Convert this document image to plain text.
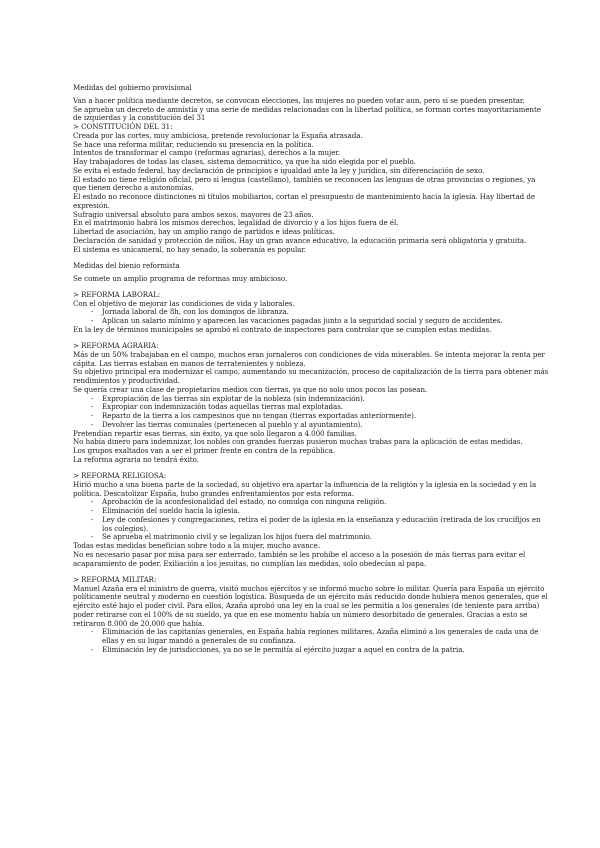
Medidas del gobierno provisional

Van a hacer política mediante decretos, se convocan elecciones, las mujeres no pueden votar aun, pero si se pueden presentar.

Se aprueba un decreto de amnistía y una serie de medidas relacionadas con la libertad política, se forman cortes mayoritariamente de izquierdas y la constitución del 31

> CONSTITUCIÓN DEL 31:

Creada por las cortes, muy ambiciosa, pretende revolucionar la España atrasada.

Se hace una reforma militar, reduciendo su presencia en la política.

Intentos de transformar el campo (reformas agrarias), derechos a la mujer.

Hay trabajadores de todas las clases, sistema democrático, ya que ha sido elegida por el pueblo.

Se evita el estado federal, hay declaración de principios e igualdad ante la ley y jurídica, sin diferenciación de sexo.

El estado no tiene religión oficial, pero si lengua (castellano), también se reconocen las lenguas de otras provincias o regiones, ya que tienen derecho a autonomías.

El estado no reconoce distinciones ni títulos mobiliarios, cortan el presupuesto de mantenimiento hacia la iglesia. Hay libertad de expresión.

Sufragio universal absoluto para ambos sexos, mayores de 23 años.

En el matrimonio habrá los mismos derechos, legalidad de divorcio y a los hijos fuera de él.

Libertad de asociación, hay un amplio rango de partidos e ideas políticas.

Declaración de sanidad y protección de niños. Hay un gran avance educativo, la educación primaria será obligatoria y gratuita.

El sistema es unicameral, no hay senado, la soberanía es popular.

Medidas del bienio reformista

Se comete un amplio programa de reformas muy ambicioso.

> REFORMA LABORAL:

Con el objetivo de mejorar las condiciones de vida y laborales.

- Jornada laboral de 8h, con los domingos de libranza.
- Aplican un salario mínimo y aparecen las vacaciones pagadas junto a la seguridad social y seguro de accidentes.

En la ley de términos municipales se aprobó el contrato de inspectores para controlar que se cumplen estas medidas.

> REFORMA AGRARIA:

Más de un 50% trabajaban en el campo, muchos eran jornaleros con condiciones de vida miserables. Se intenta mejorar la renta per cápita. Las tierras estaban en manos de terratenientes y nobleza.

Su objetivo principal era modernizar el campo, aumentando su mecanización, proceso de capitalización de la tierra para obtener más rendimientos y productividad.

Se quería crear una clase de propietarios medios con tierras, ya que no solo unos pocos las posean.

- Expropiación de las tierras sin explotar de la nobleza (sin indemnización).
- Expropiar con indemnización todas aquellas tierras mal explotadas.
- Reparto de la tierra a los campesinos que no tengan (tierras exportadas anteriormente).
- Devolver las tierras comunales (pertenecen al pueblo y al ayuntamiento).

Pretendían repartir esas tierras, sin éxito, ya que solo llegaron a 4.000 familias.

No había dinero para indemnizar, los nobles con grandes fuerzas pusieron muchas trabas para la aplicación de estas medidas.

Los grupos exaltados van a ser el primer frente en contra de la república.

La reforma agraria no tendrá éxito.

> REFORMA RELIGIOSA:

Hirió mucho a una buena parte de la sociedad, su objetivo era apartar la influencia de la religión y la iglesia en la sociedad y en la política. Descatolizar España, hubo grandes enfrentamientos por esta reforma.

- Aprobación de la aconfesionalidad del estado, no comulga con ninguna religión.
- Eliminación del sueldo hacia la iglesia.
- Ley de confesiones y congregaciones, retira el poder de la iglesia en la enseñanza y educación (retirada de los crucifijos en los colegios).
- Se aprueba el matrimonio civil y se legalizan los hijos fuera del matrimonio.

Todas estas medidas benefician sobre todo a la mujer, mucho avance.

No es necesario pasar por misa para ser enterrado, también se les prohibe el acceso a la posesión de más tierras para evitar el acaparamiento de poder. Exiliación a los jesuitas, no cumplían las medidas, solo obedecían al papa.

> REFORMA MILITAR:

Manuel Azaña era el ministro de guerra, visitó muchos ejércitos y se informó mucho sobre lo militar. Quería para España un ejército políticamente neutral y moderno en cuestión logística. Búsqueda de un ejército más reducido donde hubiera menos generales, que el ejército esté bajo el poder civil. Para ellos, Azaña aprobó una ley en la cual se les permitía a los generales (de teniente para arriba) poder retirarse con el 100% de su sueldo, ya que en ese momento había un número desorbitado de generales. Gracias a esto se retiraron 8.000 de 20.000 que había.

- Eliminación de las capitanías generales, en España había regiones militares, Azaña eliminó a los generales de cada una de ellas y en su lugar mandó a generales de su confianza.
- Eliminación ley de jurisdicciones, ya no se le permitía al ejército juzgar a aquel en contra de la patria.
